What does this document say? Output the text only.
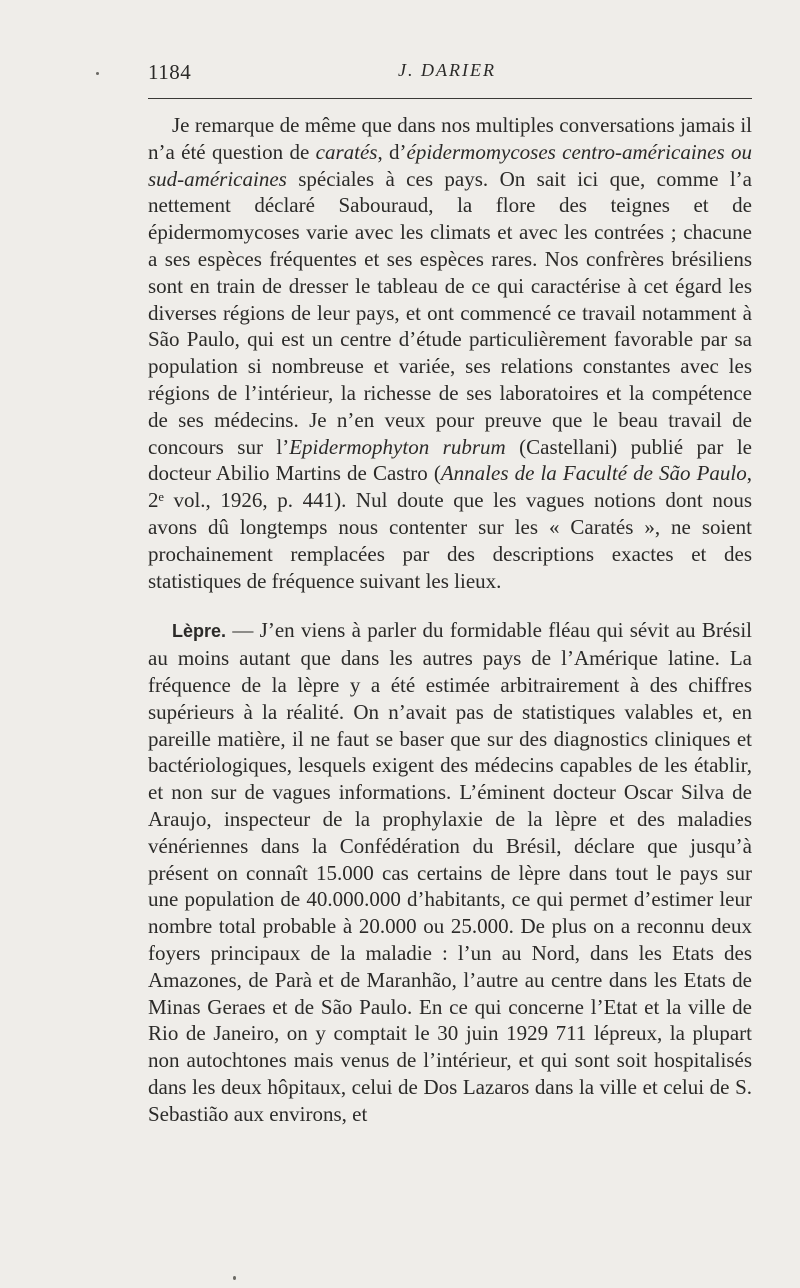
1184	J. DARIER

Je remarque de même que dans nos multiples conversations jamais il n’a été question de caratés, d’épidermomycoses centro-américaines ou sud-américaines spéciales à ces pays. On sait ici que, comme l’a nettement déclaré Sabouraud, la flore des teignes et de épidermomycoses varie avec les climats et avec les contrées ; chacune a ses espèces fréquentes et ses espèces rares. Nos confrères brésiliens sont en train de dresser le tableau de ce qui caractérise à cet égard les diverses régions de leur pays, et ont commencé ce travail notamment à São Paulo, qui est un centre d’étude particulièrement favorable par sa population si nombreuse et variée, ses relations constantes avec les régions de l’intérieur, la richesse de ses laboratoires et la compétence de ses médecins. Je n’en veux pour preuve que le beau travail de concours sur l’Epidermophyton rubrum (Castellani) publié par le docteur Abilio Martins de Castro (Annales de la Faculté de São Paulo, 2ᵉ vol., 1926, p. 441). Nul doute que les vagues notions dont nous avons dû longtemps nous contenter sur les « Caratés », ne soient prochainement remplacées par des descriptions exactes et des statistiques de fréquence suivant les lieux.

Lèpre. — J’en viens à parler du formidable fléau qui sévit au Brésil au moins autant que dans les autres pays de l’Amérique latine. La fréquence de la lèpre y a été estimée arbitrairement à des chiffres supérieurs à la réalité. On n’avait pas de statistiques valables et, en pareille matière, il ne faut se baser que sur des diagnostics cliniques et bactériologiques, lesquels exigent des médecins capables de les établir, et non sur de vagues informations. L’éminent docteur Oscar Silva de Araujo, inspecteur de la prophylaxie de la lèpre et des maladies vénériennes dans la Confédération du Brésil, déclare que jusqu’à présent on connaît 15.000 cas certains de lèpre dans tout le pays sur une population de 40.000.000 d’habitants, ce qui permet d’estimer leur nombre total probable à 20.000 ou 25.000. De plus on a reconnu deux foyers principaux de la maladie : l’un au Nord, dans les Etats des Amazones, de Parà et de Maranhão, l’autre au centre dans les Etats de Minas Geraes et de São Paulo. En ce qui concerne l’Etat et la ville de Rio de Janeiro, on y comptait le 30 juin 1929 711 lépreux, la plupart non autochtones mais venus de l’intérieur, et qui sont soit hospitalisés dans les deux hôpitaux, celui de Dos Lazaros dans la ville et celui de S. Sebastião aux environs, et
